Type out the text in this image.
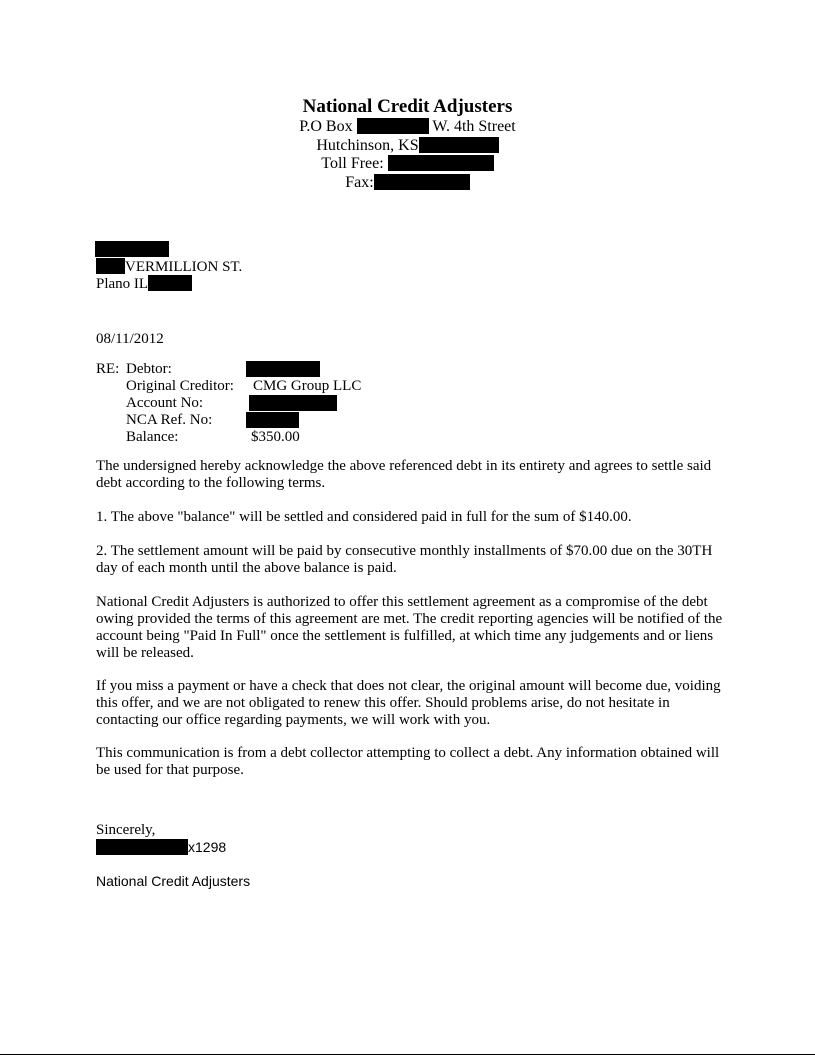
National Credit Adjusters
P.O Box	W. 4th Street
Hutchinson, KS
Toll Free:
Fax:
VERMILLION ST.
Plano IL
08/11/2012
RE: Debtor:
Original Creditor: CMG Group LLC
Account No:
NCA Ref. No:
Balance:	$350.00
The undersigned hereby acknowledge the above referenced debt in its entirety and agrees to settle said debt according to the following terms.
1. The above "balance" will be settled and considered paid in full for the sum of $140.00.
2. The settlement amount will be paid by consecutive monthly installments of $70.00 due on the 30TH day of each month until the above balance is paid.
National Credit Adjusters is authorized to offer this settlement agreement as a compromise of the debt owing provided the terms of this agreement are met. The credit reporting agencies will be notified of the account being "Paid In Full" once the settlement is fulfilled, at which time any judgements and or liens will be released.
If you miss a payment or have a check that does not clear, the original amount will become due, voiding this offer, and we are not obligated to renew this offer. Should problems arise, do not hesitate in contacting our office regarding payments, we will work with you.
This communication is from a debt collector attempting to collect a debt. Any information obtained will be used for that purpose.
Sincerely,
x1298
National Credit Adjusters
